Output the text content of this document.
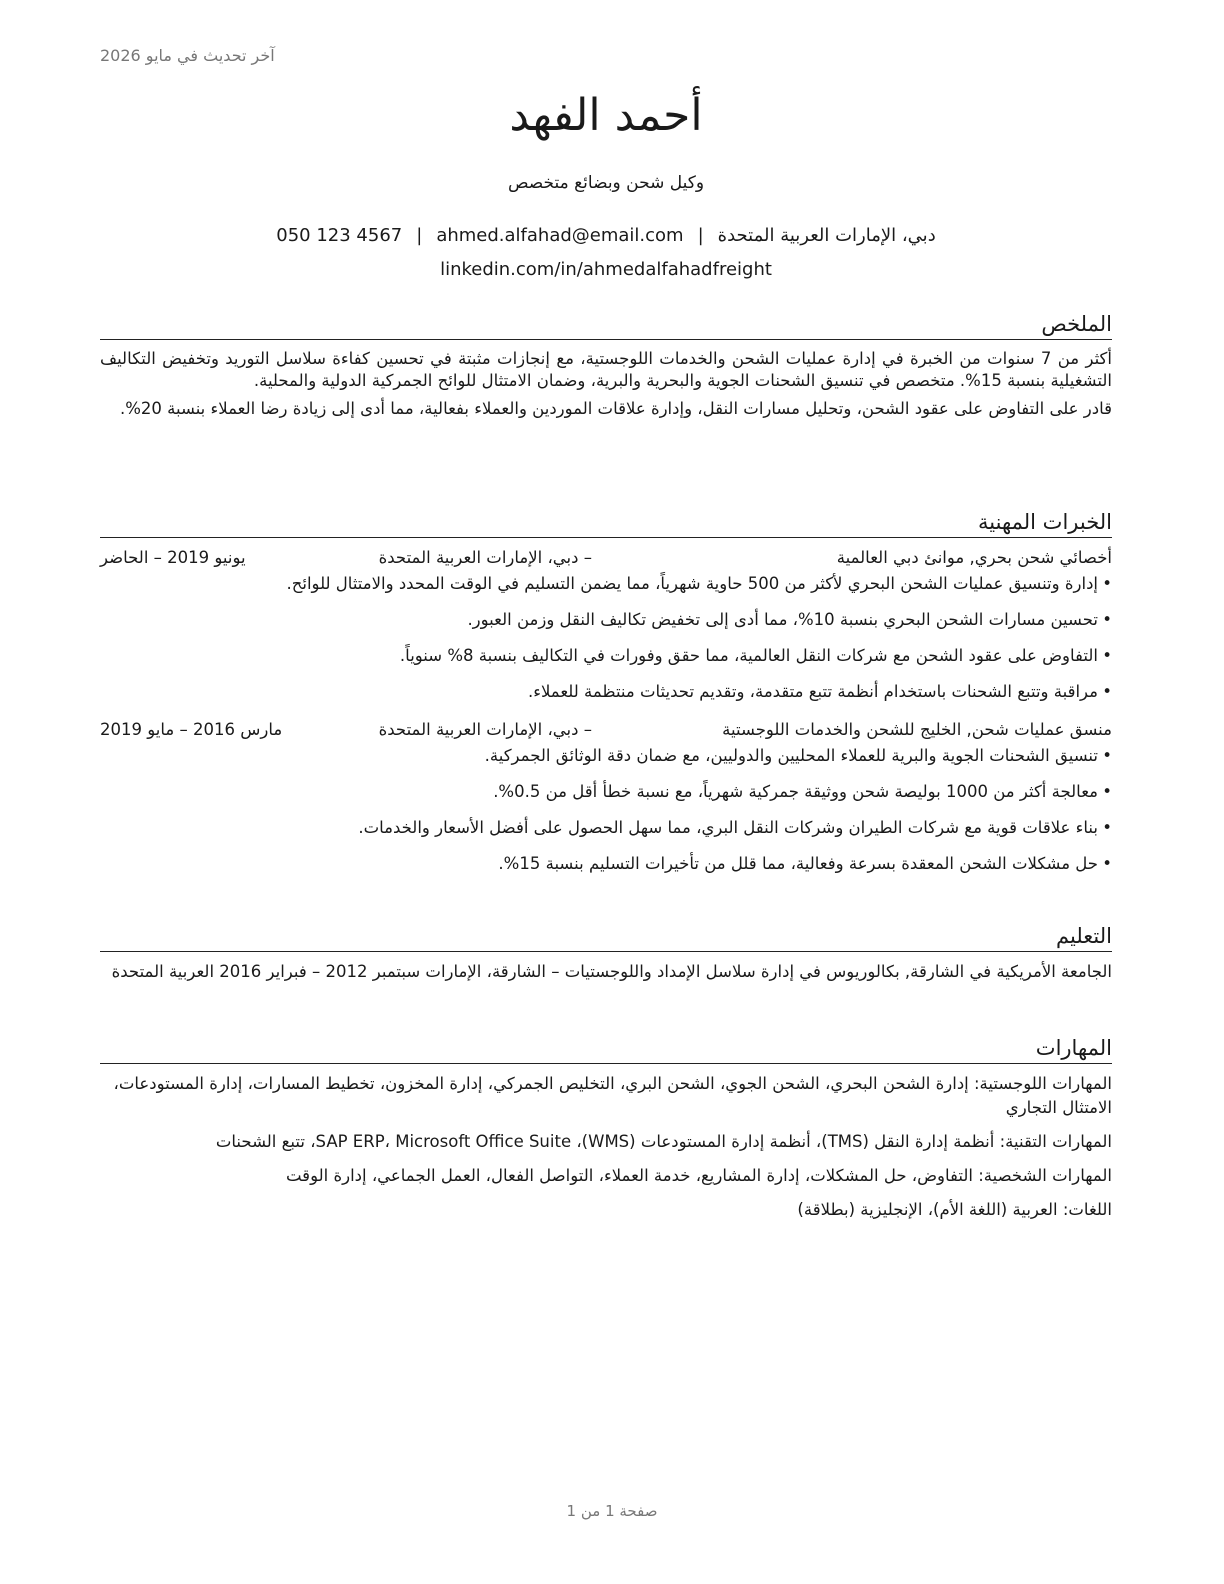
آخر تحديث في مايو 2026
أحمد الفهد
وكيل شحن وبضائع متخصص
دبي، الإمارات العربية المتحدة|ahmed.alfahad@email.com|050 123 4567
linkedin.com/in/ahmedalfahadfreight
الملخص

أكثر من 7 سنوات من الخبرة في إدارة عمليات الشحن والخدمات اللوجستية، مع إنجازات مثبتة في تحسين كفاءة سلاسل التوريد وتخفيض التكاليف التشغيلية بنسبة 15%. متخصص في تنسيق الشحنات الجوية والبحرية والبرية، وضمان الامتثال للوائح الجمركية الدولية والمحلية.

قادر على التفاوض على عقود الشحن، وتحليل مسارات النقل، وإدارة علاقات الموردين والعملاء بفعالية، مما أدى إلى زيادة رضا العملاء بنسبة 20%.

الخبرات المهنية
أخصائي شحن بحري, موانئ دبي العالمية
– دبي، الإمارات العربية المتحدة
يونيو 2019 – الحاضر
•
إدارة وتنسيق عمليات الشحن البحري لأكثر من 500 حاوية شهرياً، مما يضمن التسليم في الوقت المحدد والامتثال للوائح.
•
تحسين مسارات الشحن البحري بنسبة 10%، مما أدى إلى تخفيض تكاليف النقل وزمن العبور.
•
التفاوض على عقود الشحن مع شركات النقل العالمية، مما حقق وفورات في التكاليف بنسبة 8% سنوياً.
•
مراقبة وتتبع الشحنات باستخدام أنظمة تتبع متقدمة، وتقديم تحديثات منتظمة للعملاء.
منسق عمليات شحن, الخليج للشحن والخدمات اللوجستية
– دبي، الإمارات العربية المتحدة
مارس 2016 – مايو 2019
•
تنسيق الشحنات الجوية والبرية للعملاء المحليين والدوليين، مع ضمان دقة الوثائق الجمركية.
•
معالجة أكثر من 1000 بوليصة شحن ووثيقة جمركية شهرياً، مع نسبة خطأ أقل من 0.5%.
•
بناء علاقات قوية مع شركات الطيران وشركات النقل البري، مما سهل الحصول على أفضل الأسعار والخدمات.
•
حل مشكلات الشحن المعقدة بسرعة وفعالية، مما قلل من تأخيرات التسليم بنسبة 15%.
التعليم
الجامعة الأمريكية في الشارقة, بكالوريوس في إدارة سلاسل الإمداد واللوجستيات – الشارقة، الإمارات سبتمبر 2012 – فبراير 2016 العربية المتحدة
المهارات
المهارات اللوجستية: إدارة الشحن البحري، الشحن الجوي، الشحن البري، التخليص الجمركي، إدارة المخزون، تخطيط المسارات، إدارة المستودعات، الامتثال التجاري
المهارات التقنية: أنظمة إدارة النقل (TMS)، أنظمة إدارة المستودعات (WMS)، SAP ERP، Microsoft Office Suite، تتبع الشحنات
المهارات الشخصية: التفاوض، حل المشكلات، إدارة المشاريع، خدمة العملاء، التواصل الفعال، العمل الجماعي، إدارة الوقت
اللغات: العربية (اللغة الأم)، الإنجليزية (بطلاقة)
صفحة 1 من 1
